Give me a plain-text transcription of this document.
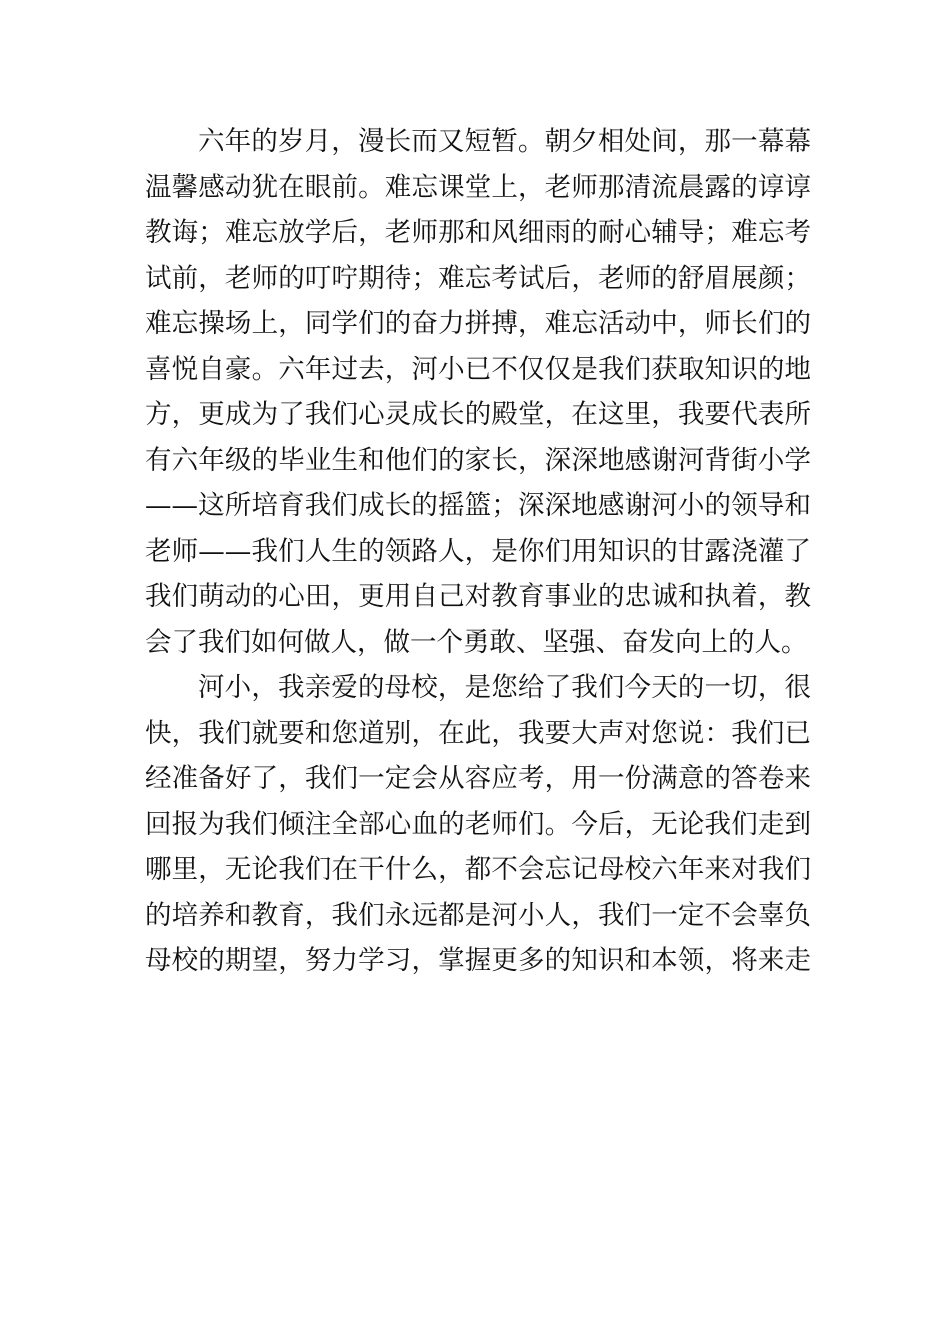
六年的岁月，漫长而又短暂。朝夕相处间，那一幕幕
温馨感动犹在眼前。难忘课堂上，老师那清流晨露的谆谆
教诲；难忘放学后，老师那和风细雨的耐心辅导；难忘考
试前，老师的叮咛期待；难忘考试后，老师的舒眉展颜；
难忘操场上，同学们的奋力拼搏，难忘活动中，师长们的
喜悦自豪。六年过去，河小已不仅仅是我们获取知识的地
方，更成为了我们心灵成长的殿堂，在这里，我要代表所
有六年级的毕业生和他们的家长，深深地感谢河背街小学
——这所培育我们成长的摇篮；深深地感谢河小的领导和
老师——我们人生的领路人，是你们用知识的甘露浇灌了
我们萌动的心田，更用自己对教育事业的忠诚和执着，教
会了我们如何做人，做一个勇敢、坚强、奋发向上的人。
河小，我亲爱的母校，是您给了我们今天的一切，很
快，我们就要和您道别，在此，我要大声对您说：我们已
经准备好了，我们一定会从容应考，用一份满意的答卷来
回报为我们倾注全部心血的老师们。今后，无论我们走到
哪里，无论我们在干什么，都不会忘记母校六年来对我们
的培养和教育，我们永远都是河小人，我们一定不会辜负
母校的期望，努力学习，掌握更多的知识和本领，将来走
